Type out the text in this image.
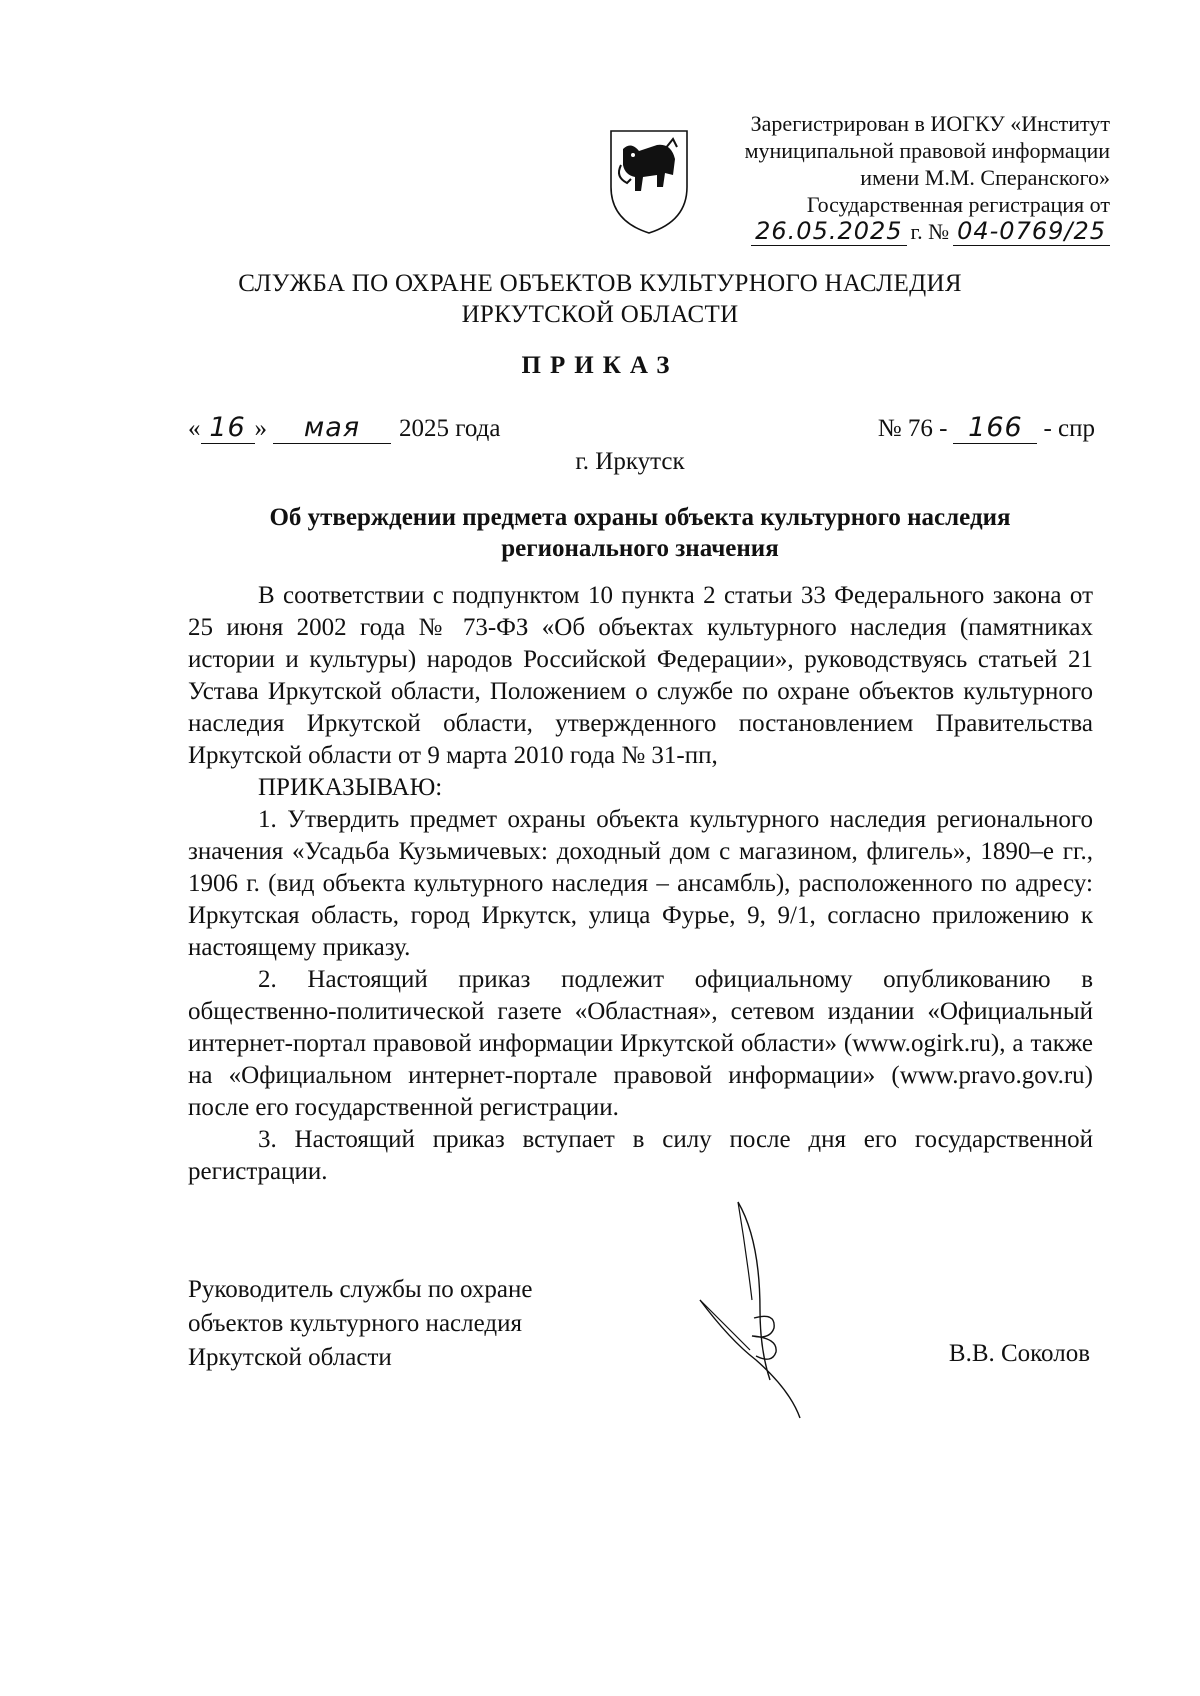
Зарегистрирован в ИОГКУ «Институт
муниципальной правовой информации
имени М.М. Сперанского»
Государственная регистрация от
26.05.2025 г. № 04-0769/25
СЛУЖБА ПО ОХРАНЕ ОБЪЕКТОВ КУЛЬТУРНОГО НАСЛЕДИЯ
ИРКУТСКОЙ ОБЛАСТИ
ПРИКАЗ
« 16 »	мая	2025 года	№ 76 - 166 - спр
г. Иркутск
Об утверждении предмета охраны объекта культурного наследия
регионального значения

В соответствии с подпунктом 10 пункта 2 статьи 33 Федерального закона от 25 июня 2002 года № 73-ФЗ «Об объектах культурного наследия (памятниках истории и культуры) народов Российской Федерации», руководствуясь статьей 21 Устава Иркутской области, Положением о службе по охране объектов культурного наследия Иркутской области, утвержденного постановлением Правительства Иркутской области от 9 марта 2010 года № 31-пп,

ПРИКАЗЫВАЮ:

1. Утвердить предмет охраны объекта культурного наследия регионального значения «Усадьба Кузьмичевых: доходный дом с магазином, флигель», 1890–е гг., 1906 г. (вид объекта культурного наследия – ансамбль), расположенного по адресу: Иркутская область, город Иркутск, улица Фурье, 9, 9/1, согласно приложению к настоящему приказу.

2. Настоящий приказ подлежит официальному опубликованию в общественно-политической газете «Областная», сетевом издании «Официальный интернет-портал правовой информации Иркутской области» (www.ogirk.ru), а также на «Официальном интернет-портале правовой информации» (www.pravo.gov.ru) после его государственной регистрации.

3. Настоящий приказ вступает в силу после дня его государственной регистрации.

Руководитель службы по охране
объектов культурного наследия
Иркутской области	В.В. Соколов
